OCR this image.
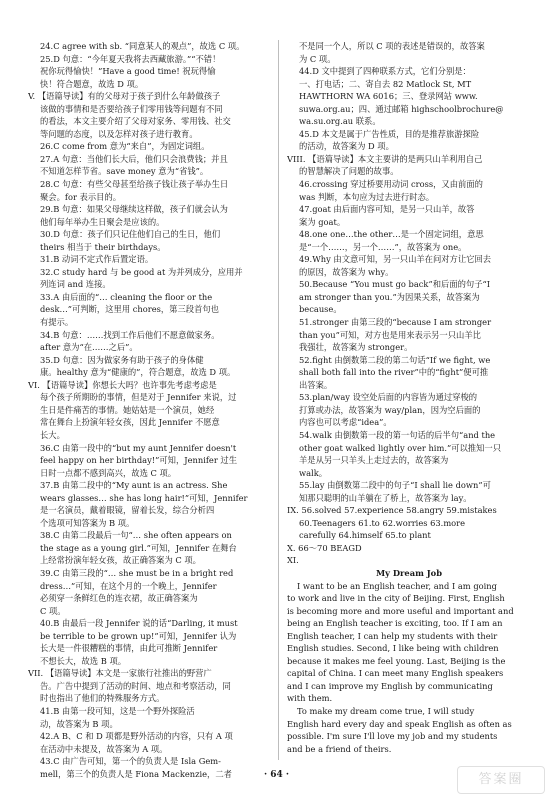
24.C agree with sb. “同意某人的观点”，故选 C 项。
25.D 句意：“今年夏天我将去西藏旅游。”“不错！
祝你玩得愉快！”Have a good time! 祝玩得愉
快！符合题意，故选 D 项。
V. 【语篇导读】有的父母对于孩子到什么年龄做孩子
该做的事情和是否要给孩子们零用钱等问题有不同
的看法，本文主要介绍了父母对家务、零用钱、社交
等问题的态度，以及怎样对孩子进行教育。
26.C come from 意为“来自”，为固定词组。
27.A 句意：当他们长大后，他们只会浪费钱；并且
不知道怎样节省。save money 意为“省钱”。
28.C 句意：有些父母甚至给孩子钱让孩子举办生日
聚会。for 表示目的。
29.B 句意：如果父母继续这样做，孩子们就会认为
他们每年举办生日聚会是应该的。
30.D 句意：孩子们只记住他们自己的生日，他们
theirs 相当于 their birthdays。
31.B 动词不定式作后置定语。
32.C study hard 与 be good at 为并列成分，应用并
列连词 and 连接。
33.A 由后面的“… cleaning the floor or the
desk…”可判断，这里用 chores，第三段首句也
有提示。
34.B 句意：……找到工作后他们不愿意做家务。
after 意为“在……之后”。
35.D 句意：因为做家务有助于孩子的身体健
康。healthy 意为“健康的”，符合题意，故选 D 项。
VI. 【语篇导读】你想长大吗？也许事先考虑考虑是
每个孩子所期盼的事情，但是对于 Jennifer 来说，过
生日是件痛苦的事情。她姑姑是一个演员，她经
常在舞台上扮演年轻女孩，因此 Jennifer 不愿意
长大。
36.C 由第一段中的“but my aunt Jennifer doesn't
feel happy on her birthday!”可知，Jennifer 过生
日时一点都不感到高兴，故选 C 项。
37.B 由第二段中的“My aunt is an actress. She
wears glasses… she has long hair!”可知，Jennifer
是一名演员，戴着眼镜，留着长发，综合分析四
个选项可知答案为 B 项。
38.C 由第二段最后一句“… she often appears on
the stage as a young girl.”可知，Jennifer 在舞台
上经常扮演年轻女孩，故正确答案为 C 项。
39.C 由第三段的“… she must be in a bright red
dress…”可知，在这个月的一个晚上，Jennifer
必须穿一条鲜红色的连衣裙，故正确答案为
C 项。
40.B 由最后一段 Jennifer 说的话“Darling, it must
be terrible to be grown up!”可知，Jennifer 认为
长大是一件很糟糕的事情，由此可推断 Jennifer
不想长大，故选 B 项。
VII. 【语篇导读】本文是一家旅行社推出的野营广
告。广告中提到了活动的时间、地点和考察活动，同
时也指出了他们的特殊服务方式。
41.B 由第一段可知，这是一个野外探险活
动，故答案为 B 项。
42.A B、C 和 D 项都是野外活动的内容，只有 A 项
在活动中未提及，故答案为 A 项。
43.C 由广告可知，第一个的负责人是 Isla Gem-
mell，第三个的负责人是 Fiona Mackenzie，二者
不是同一个人，所以 C 项的表述是错误的，故答案
为 C 项。
44.D 文中提到了四种联系方式，它们分别是：
一、打电话；二、寄自去 82 Matlock St, MT
HAWTHORN WA 6016；三、登录网站 www.
suwa.org.au；四、通过邮箱 highschoolbrochure@
wa.su.org.au 联系。
45.D 本文是属于广告性质，目的是推荐旅游探险
的活动，故答案为 D 项。
VIII. 【语篇导读】本文主要讲的是两只山羊利用自己
的智慧解决了问题的故事。
46.crossing 穿过桥要用动词 cross，又由前面的
was 判断，本句应为过去进行时态。
47.goat 由后面内容可知，是另一只山羊，故答
案为 goat。
48.one one…the other…是一个固定词组，意思
是“一个……，另一个……”，故答案为 one。
49.Why 由文意可知，另一只山羊在问对方让它回去
的原因，故答案为 why。
50.Because “You must go back”和后面的句子“I
am stronger than you.”为因果关系，故答案为
because。
51.stronger 由第三段的“because I am stronger
than you”可知，对方也是用来表示另一只山羊比
我强壮，故答案为 stronger。
52.fight 由倒数第二段的第二句话“If we fight, we
shall both fall into the river”中的“fight”便可推
出答案。
53.plan/way 设空处后面的内容皆为通过穿梭的
打算或办法，故答案为 way/plan，因为空后面的
内容也可以考虑“idea”。
54.walk 由倒数第一段的第一句话的后半句“and the
other goat walked lightly over him.”可以推知一只
羊是从另一只羊头上走过去的，故答案为
walk。
55.lay 由倒数第二段中的句子“I shall lie down”可
知那只聪明的山羊躺在了桥上，故答案为 lay。
IX. 56.solved 57.experience 58.angry 59.mistakes
60.Teenagers 61.to 62.worries 63.more
carefully 64.himself 65.to plant
X. 66～70 BEAGD
XI.
My Dream Job
I want to be an English teacher, and I am going
to work and live in the city of Beijing. First, English
is becoming more and more useful and important and
being an English teacher is exciting, too. If I am an
English teacher, I can help my students with their
English studies. Second, I like being with children
because it makes me feel young. Last, Beijing is the
capital of China. I can meet many English speakers
and I can improve my English by communicating
with them.
To make my dream come true, I will study
English hard every day and speak English as often as
possible. I'm sure I'll love my job and my students
and be a friend of theirs.
· 64 ·	答案圈
